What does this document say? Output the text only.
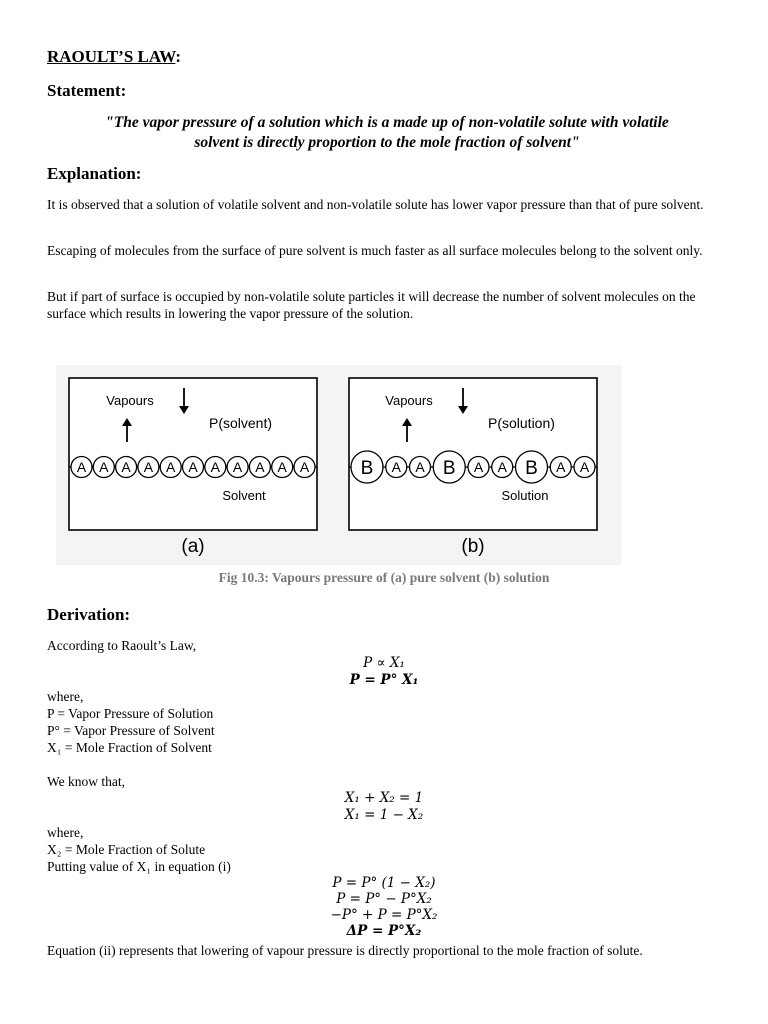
RAOULT’S LAW:
Statement:
"The vapor pressure of a solution which is a made up of non-volatile solute with volatile
solvent is directly proportion to the mole fraction of solvent"
Explanation:
It is observed that a solution of volatile solvent and non-volatile solute has lower vapor pressure than that of pure solvent.
Escaping of molecules from the surface of pure solvent is much faster as all surface molecules belong to the solvent only.
But if part of surface is occupied by non-volatile solute particles it will decrease the number of solvent molecules on the surface which results in lowering the vapor pressure of the solution.
Vapours
P(solvent)
A A A A A A A A A A A
Solvent
(a)
Vapours
P(solution)
B A A B A A B A A
Solution
(b)
Fig 10.3: Vapours pressure of (a) pure solvent (b) solution
Derivation:
According to Raoult’s Law,
P ∝ X₁
P = P° X₁
where,
P = Vapor Pressure of Solution
P° = Vapor Pressure of Solvent
X₁ = Mole Fraction of Solvent
We know that,
X₁ + X₂ = 1
X₁ = 1 − X₂
where,
X₂ = Mole Fraction of Solute
Putting value of X₁ in equation (i)
P = P° (1 − X₂)
P = P° − P°X₂
−P° + P = P°X₂
ΔP = P°X₂
Equation (ii) represents that lowering of vapour pressure is directly proportional to the mole fraction of solute.
